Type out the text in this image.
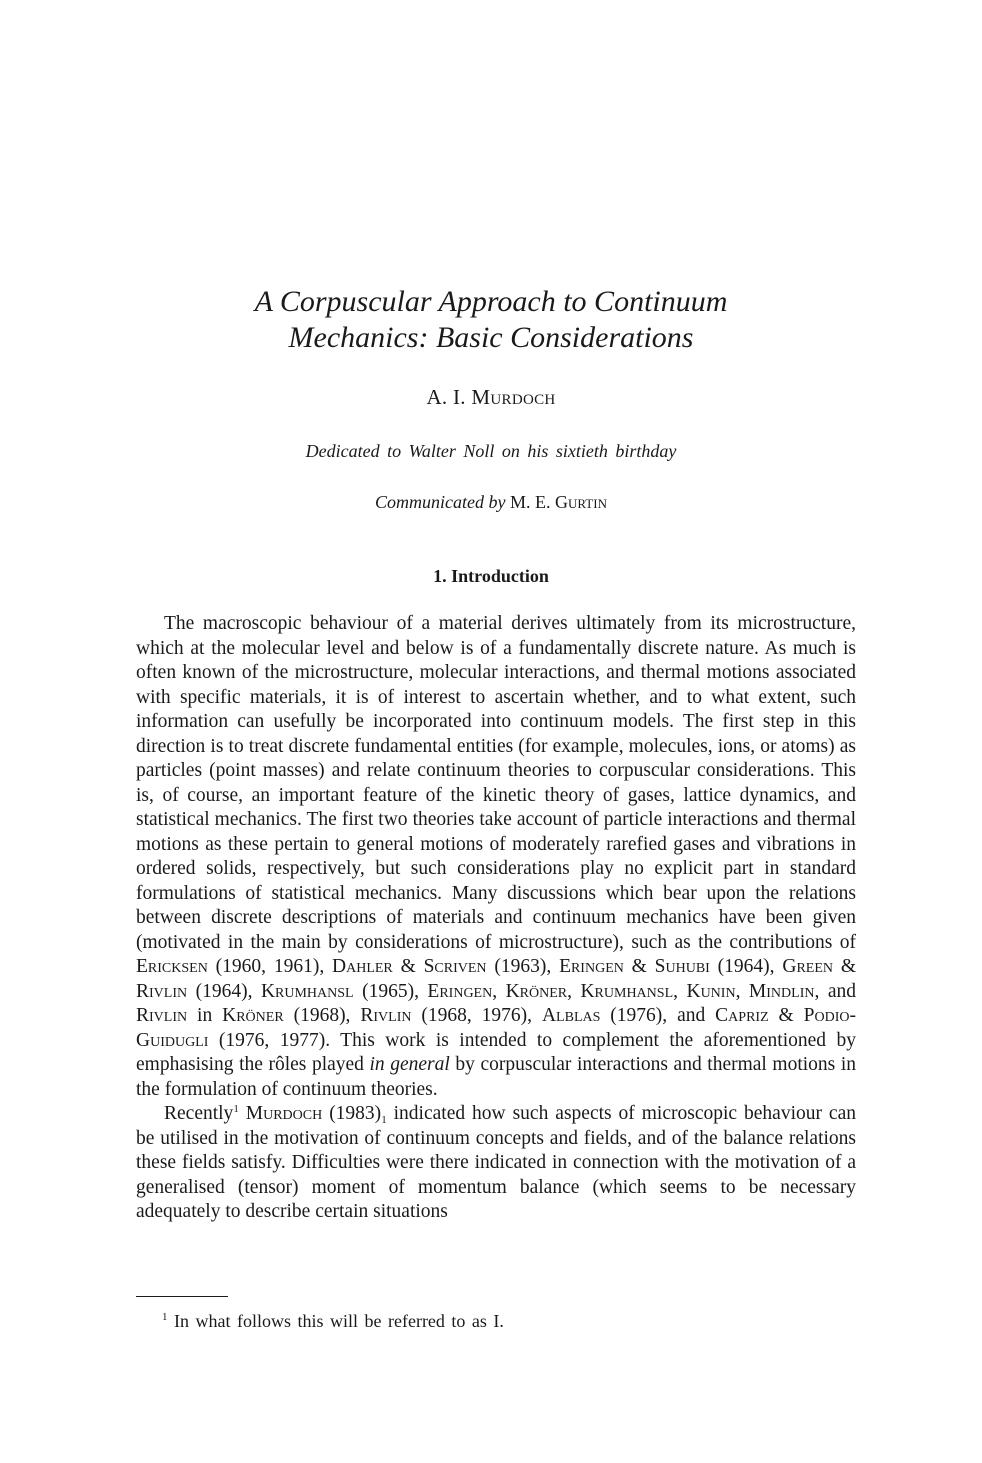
A Corpuscular Approach to Continuum
Mechanics: Basic Considerations
A. I. Murdoch
Dedicated to Walter Noll on his sixtieth birthday
Communicated by M. E. Gurtin
1. Introduction

The macroscopic behaviour of a material derives ultimately from its microstructure, which at the molecular level and below is of a fundamentally discrete nature. As much is often known of the microstructure, molecular interactions, and thermal motions associated with specific materials, it is of interest to ascertain whether, and to what extent, such information can usefully be incorporated into continuum models. The first step in this direction is to treat discrete fundamental entities (for example, molecules, ions, or atoms) as particles (point masses) and relate continuum theories to corpuscular considerations. This is, of course, an important feature of the kinetic theory of gases, lattice dynamics, and statistical mechanics. The first two theories take account of particle interactions and thermal motions as these pertain to general motions of moderately rarefied gases and vibrations in ordered solids, respectively, but such considerations play no explicit part in standard formulations of statistical mechanics. Many discussions which bear upon the relations between discrete descriptions of materials and continuum mechanics have been given (motivated in the main by considerations of microstructure), such as the contributions of Ericksen (1960, 1961), Dahler & Scriven (1963), Eringen & Suhubi (1964), Green & Rivlin (1964), Krumhansl (1965), Eringen, Kröner, Krumhansl, Kunin, Mindlin, and Rivlin in Kröner (1968), Rivlin (1968, 1976), Alblas (1976), and Capriz & Podio-Guidugli (1976, 1977). This work is intended to complement the aforementioned by emphasising the rôles played in general by corpuscular interactions and thermal motions in the formulation of continuum theories.

Recently$^1$ Murdoch $(1983)_1$ indicated how such aspects of microscopic behaviour can be utilised in the motivation of continuum concepts and fields, and of the balance relations these fields satisfy. Difficulties were there indicated in connection with the motivation of a generalised (tensor) moment of momentum balance (which seems to be necessary adequately to describe certain situations

$^1$ In what follows this will be referred to as I.
